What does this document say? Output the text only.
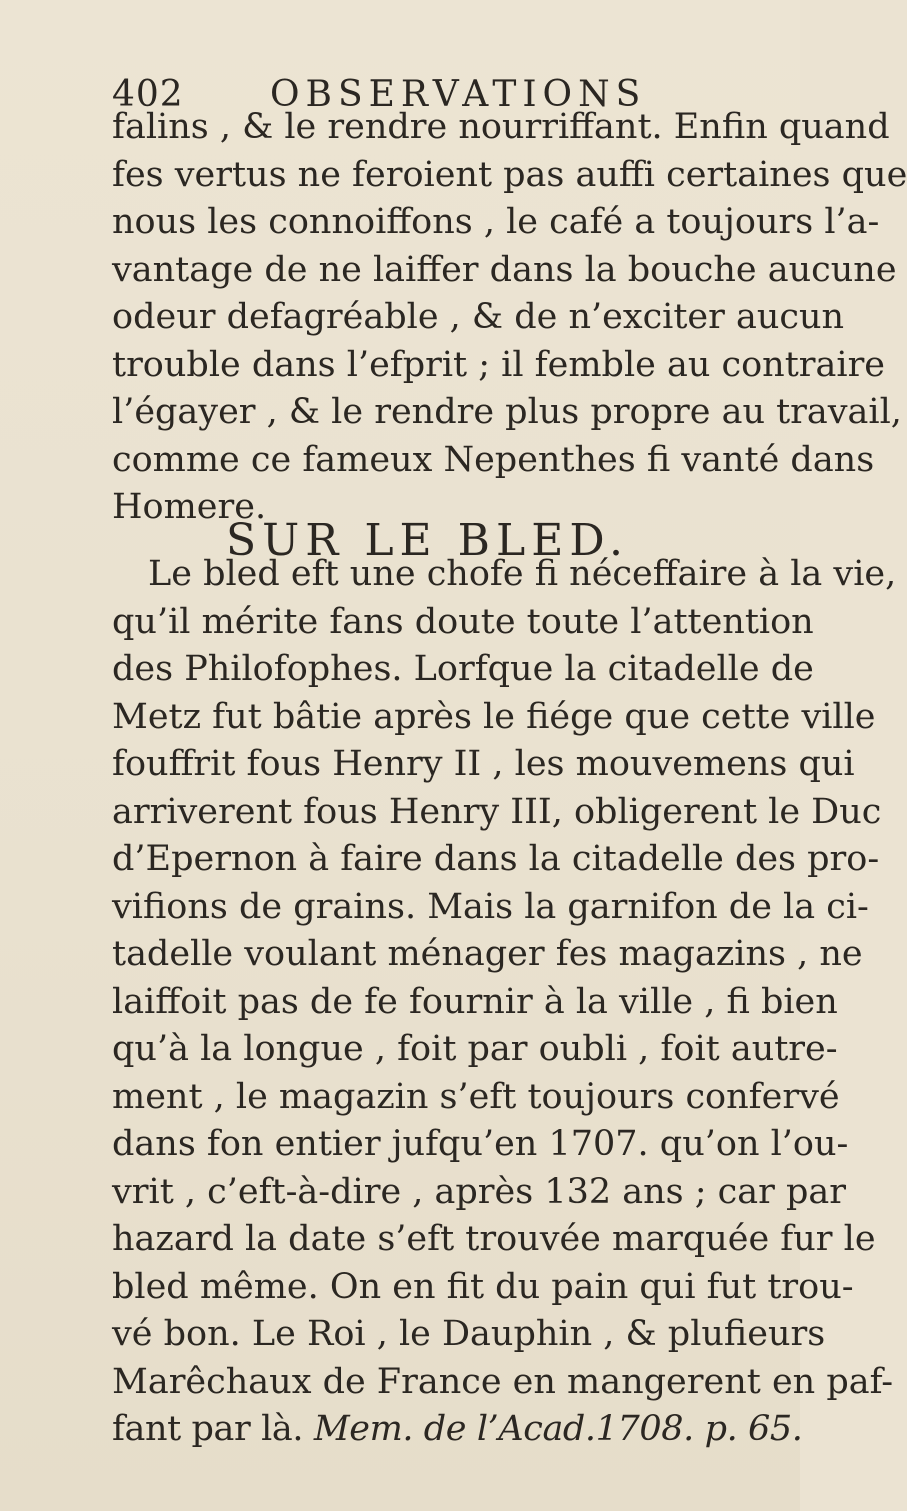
402 OBSERVATIONS
falins , & le rendre nourriffant. Enfin quand
fes vertus ne feroient pas auffi certaines que
nous les connoiffons , le café a toujours l’a-
vantage de ne laiffer dans la bouche aucune
odeur defagréable , & de n’exciter aucun
trouble dans l’efprit ; il femble au contraire
l’égayer , & le rendre plus propre au travail,
comme ce fameux Nepenthes fi vanté dans
Homere.
SUR LE BLED.
Le bled eft une chofe fi néceffaire à la vie,
qu’il mérite fans doute toute l’attention
des Philofophes. Lorfque la citadelle de
Metz fut bâtie après le fiége que cette ville
fouffrit fous Henry II , les mouvemens qui
arriverent fous Henry III, obligerent le Duc
d’Epernon à faire dans la citadelle des pro-
vifions de grains. Mais la garnifon de la ci-
tadelle voulant ménager fes magazins , ne
laiffoit pas de fe fournir à la ville , fi bien
qu’à la longue , foit par oubli , foit autre-
ment , le magazin s’eft toujours confervé
dans fon entier jufqu’en 1707. qu’on l’ou-
vrit , c’eft-à-dire , après 132 ans ; car par
hazard la date s’eft trouvée marquée fur le
bled même. On en fit du pain qui fut trou-
vé bon. Le Roi , le Dauphin , & plufieurs
Marêchaux de France en mangerent en paf-
fant par là. Mem. de l’Acad.1708. p. 65.
